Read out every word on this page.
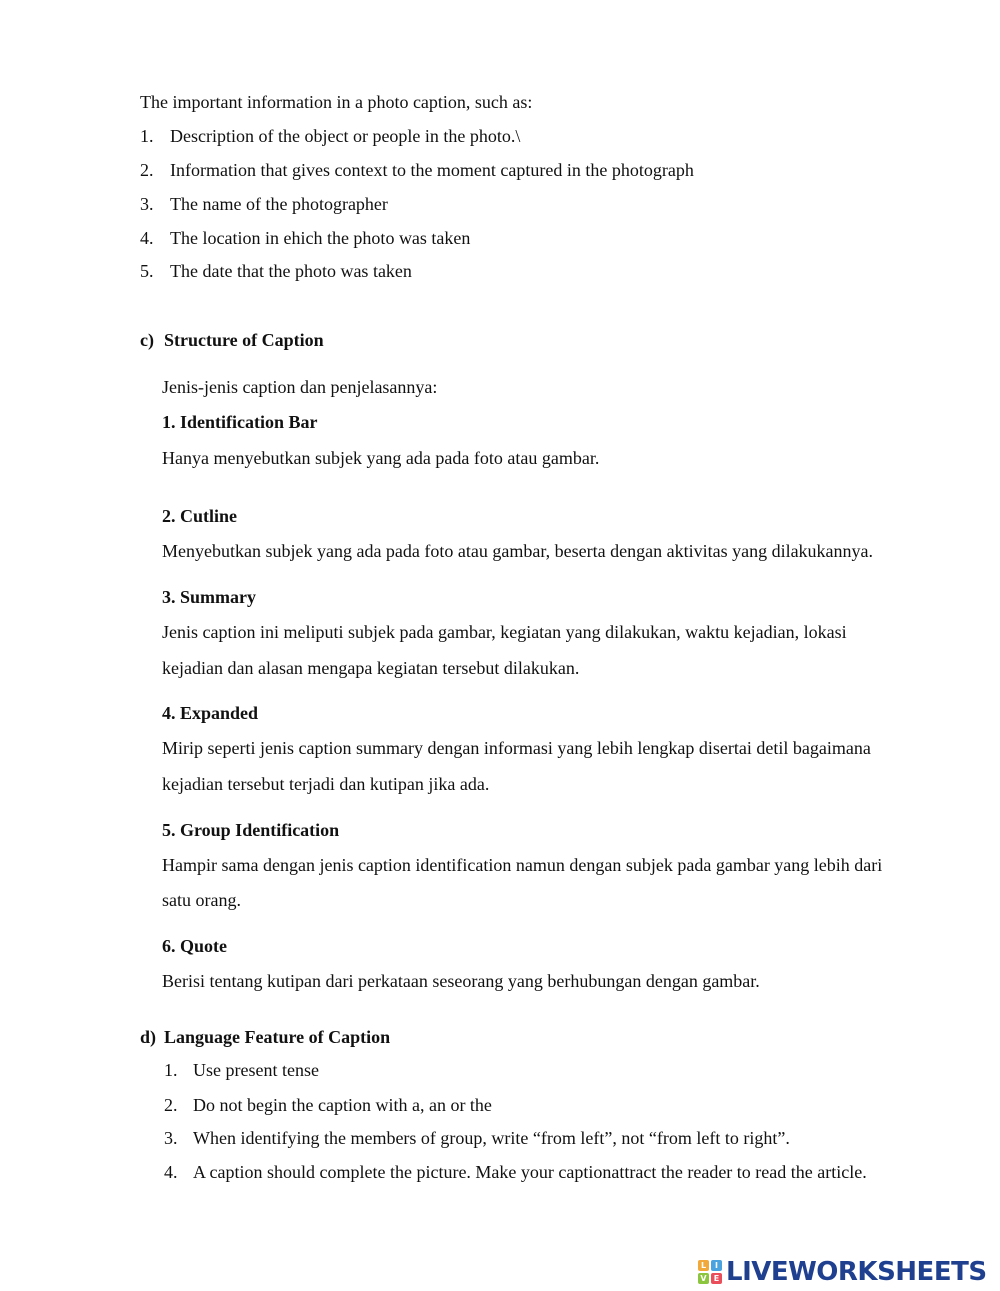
The important information in a photo caption, such as:
1. Description of the object or people in the photo.\
2. Information that gives context to the moment captured in the photograph
3. The name of the photographer
4. The location in ehich the photo was taken
5. The date that the photo was taken
c) Structure of Caption
Jenis-jenis caption dan penjelasannya:
1. Identification Bar
Hanya menyebutkan subjek yang ada pada foto atau gambar.
2. Cutline
Menyebutkan subjek yang ada pada foto atau gambar, beserta dengan aktivitas yang dilakukannya.
3. Summary
Jenis caption ini meliputi subjek pada gambar, kegiatan yang dilakukan, waktu kejadian, lokasi
kejadian dan alasan mengapa kegiatan tersebut dilakukan.
4. Expanded
Mirip seperti jenis caption summary dengan informasi yang lebih lengkap disertai detil bagaimana
kejadian tersebut terjadi dan kutipan jika ada.
5. Group Identification
Hampir sama dengan jenis caption identification namun dengan subjek pada gambar yang lebih dari
satu orang.
6. Quote
Berisi tentang kutipan dari perkataan seseorang yang berhubungan dengan gambar.
d) Language Feature of Caption
1. Use present tense
2. Do not begin the caption with a, an or the
3. When identifying the members of group, write “from left”, not “from left to right”.
4. A caption should complete the picture. Make your captionattract the reader to read the article.
L	I
V E LIVEWORKSHEETS
